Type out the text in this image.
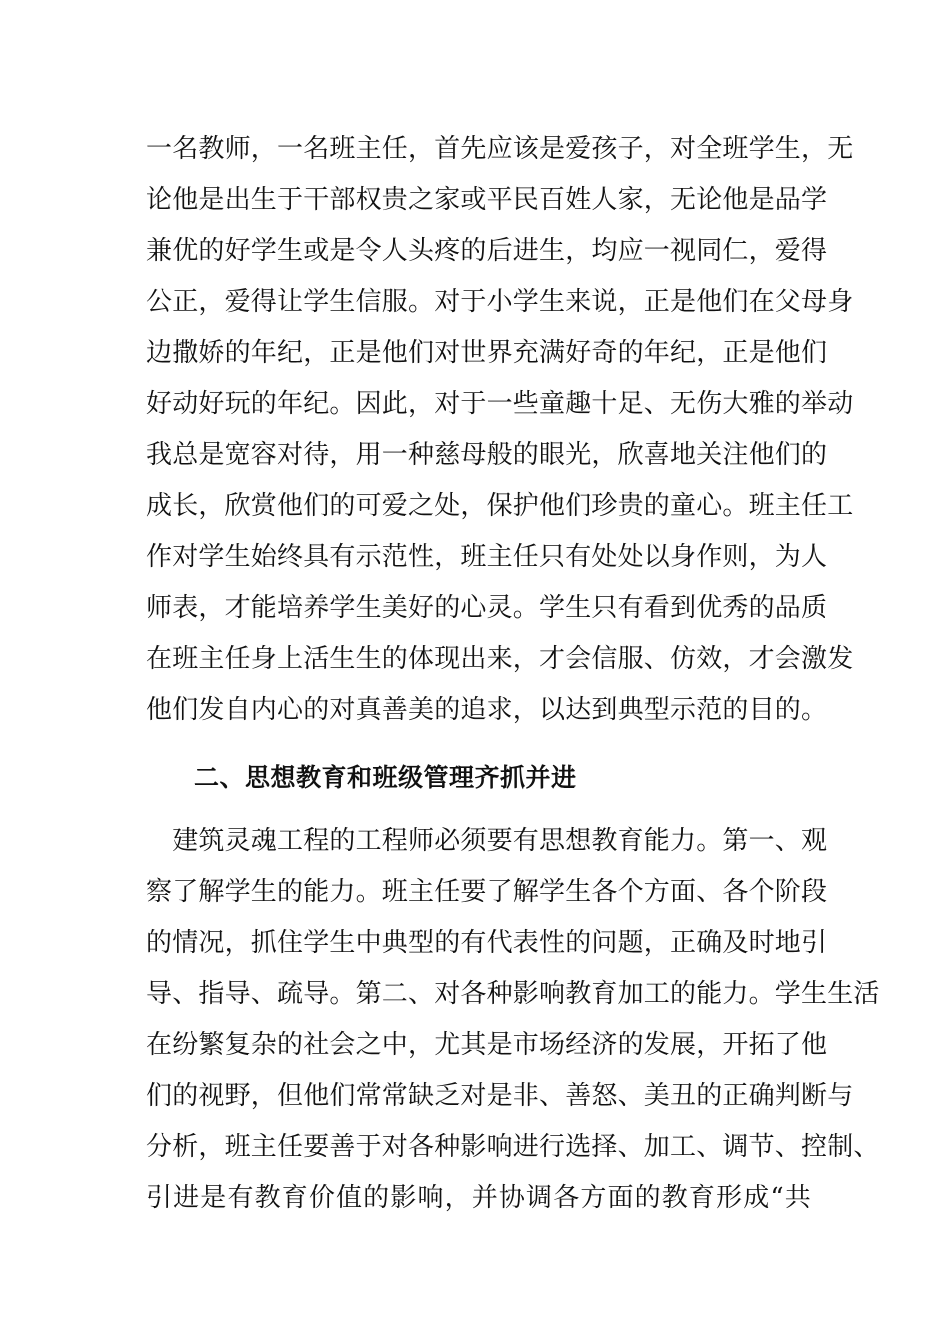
一名教师，一名班主任，首先应该是爱孩子，对全班学生，无
论他是出生于干部权贵之家或平民百姓人家，无论他是品学
兼优的好学生或是令人头疼的后进生，均应一视同仁，爱得
公正，爱得让学生信服。对于小学生来说，正是他们在父母身
边撒娇的年纪，正是他们对世界充满好奇的年纪，正是他们
好动好玩的年纪。因此，对于一些童趣十足、无伤大雅的举动
我总是宽容对待，用一种慈母般的眼光，欣喜地关注他们的
成长，欣赏他们的可爱之处，保护他们珍贵的童心。班主任工
作对学生始终具有示范性，班主任只有处处以身作则，为人
师表，才能培养学生美好的心灵。学生只有看到优秀的品质
在班主任身上活生生的体现出来，才会信服、仿效，才会激发
他们发自内心的对真善美的追求，以达到典型示范的目的。
二、思想教育和班级管理齐抓并进
　建筑灵魂工程的工程师必须要有思想教育能力。第一、观
察了解学生的能力。班主任要了解学生各个方面、各个阶段
的情况，抓住学生中典型的有代表性的问题，正确及时地引
导、指导、疏导。第二、对各种影响教育加工的能力。学生生活
在纷繁复杂的社会之中，尤其是市场经济的发展，开拓了他
们的视野，但他们常常缺乏对是非、善怒、美丑的正确判断与
分析，班主任要善于对各种影响进行选择、加工、调节、控制、
引进是有教育价值的影响，并协调各方面的教育形成“共
